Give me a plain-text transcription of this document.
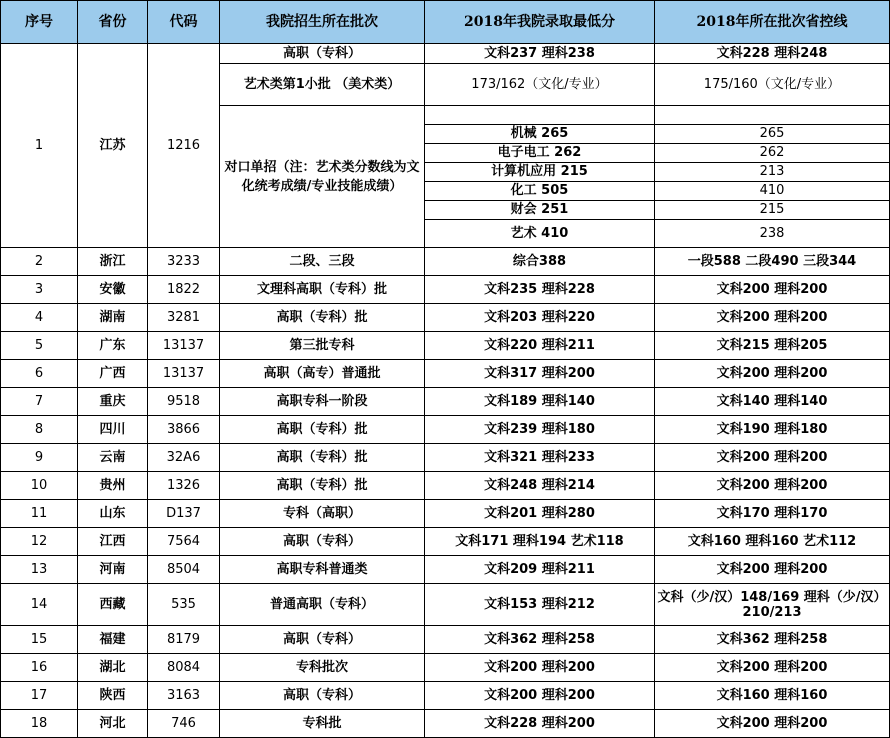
序号	省份	代码	我院招生所在批次	2018年我院录取最低分	2018年所在批次省控线
1	江苏	1216	高职（专科）	文科237 理科238	文科228 理科248
			艺术类第1小批 （美术类）	173/162（文化/专业）	175/160（文化/专业）
			对口单招（注：艺术类分数线为文化统考成绩/专业技能成绩）		
				机械 265	265
				电子电工 262	262
				计算机应用 215	213
				化工 505	410
				财会 251	215
				艺术 410	238
2	浙江	3233	二段、三段	综合388	一段588 二段490 三段344
3	安徽	1822	文理科高职（专科）批	文科235 理科228	文科200 理科200
4	湖南	3281	高职（专科）批	文科203 理科220	文科200 理科200
5	广东	13137	第三批专科	文科220 理科211	文科215 理科205
6	广西	13137	高职（高专）普通批	文科317 理科200	文科200 理科200
7	重庆	9518	高职专科一阶段	文科189 理科140	文科140 理科140
8	四川	3866	高职（专科）批	文科239 理科180	文科190 理科180
9	云南	32A6	高职（专科）批	文科321 理科233	文科200 理科200
10	贵州	1326	高职（专科）批	文科248 理科214	文科200 理科200
11	山东	D137	专科（高职）	文科201 理科280	文科170 理科170
12	江西	7564	高职（专科）	文科171 理科194 艺术118	文科160 理科160 艺术112
13	河南	8504	高职专科普通类	文科209 理科211	文科200 理科200
14	西藏	535	普通高职（专科）	文科153 理科212	文科（少/汉）148/169 理科（少/汉）210/213
15	福建	8179	高职（专科）	文科362 理科258	文科362 理科258
16	湖北	8084	专科批次	文科200 理科200	文科200 理科200
17	陕西	3163	高职（专科）	文科200 理科200	文科160 理科160
18	河北	746	专科批	文科228 理科200	文科200 理科200
